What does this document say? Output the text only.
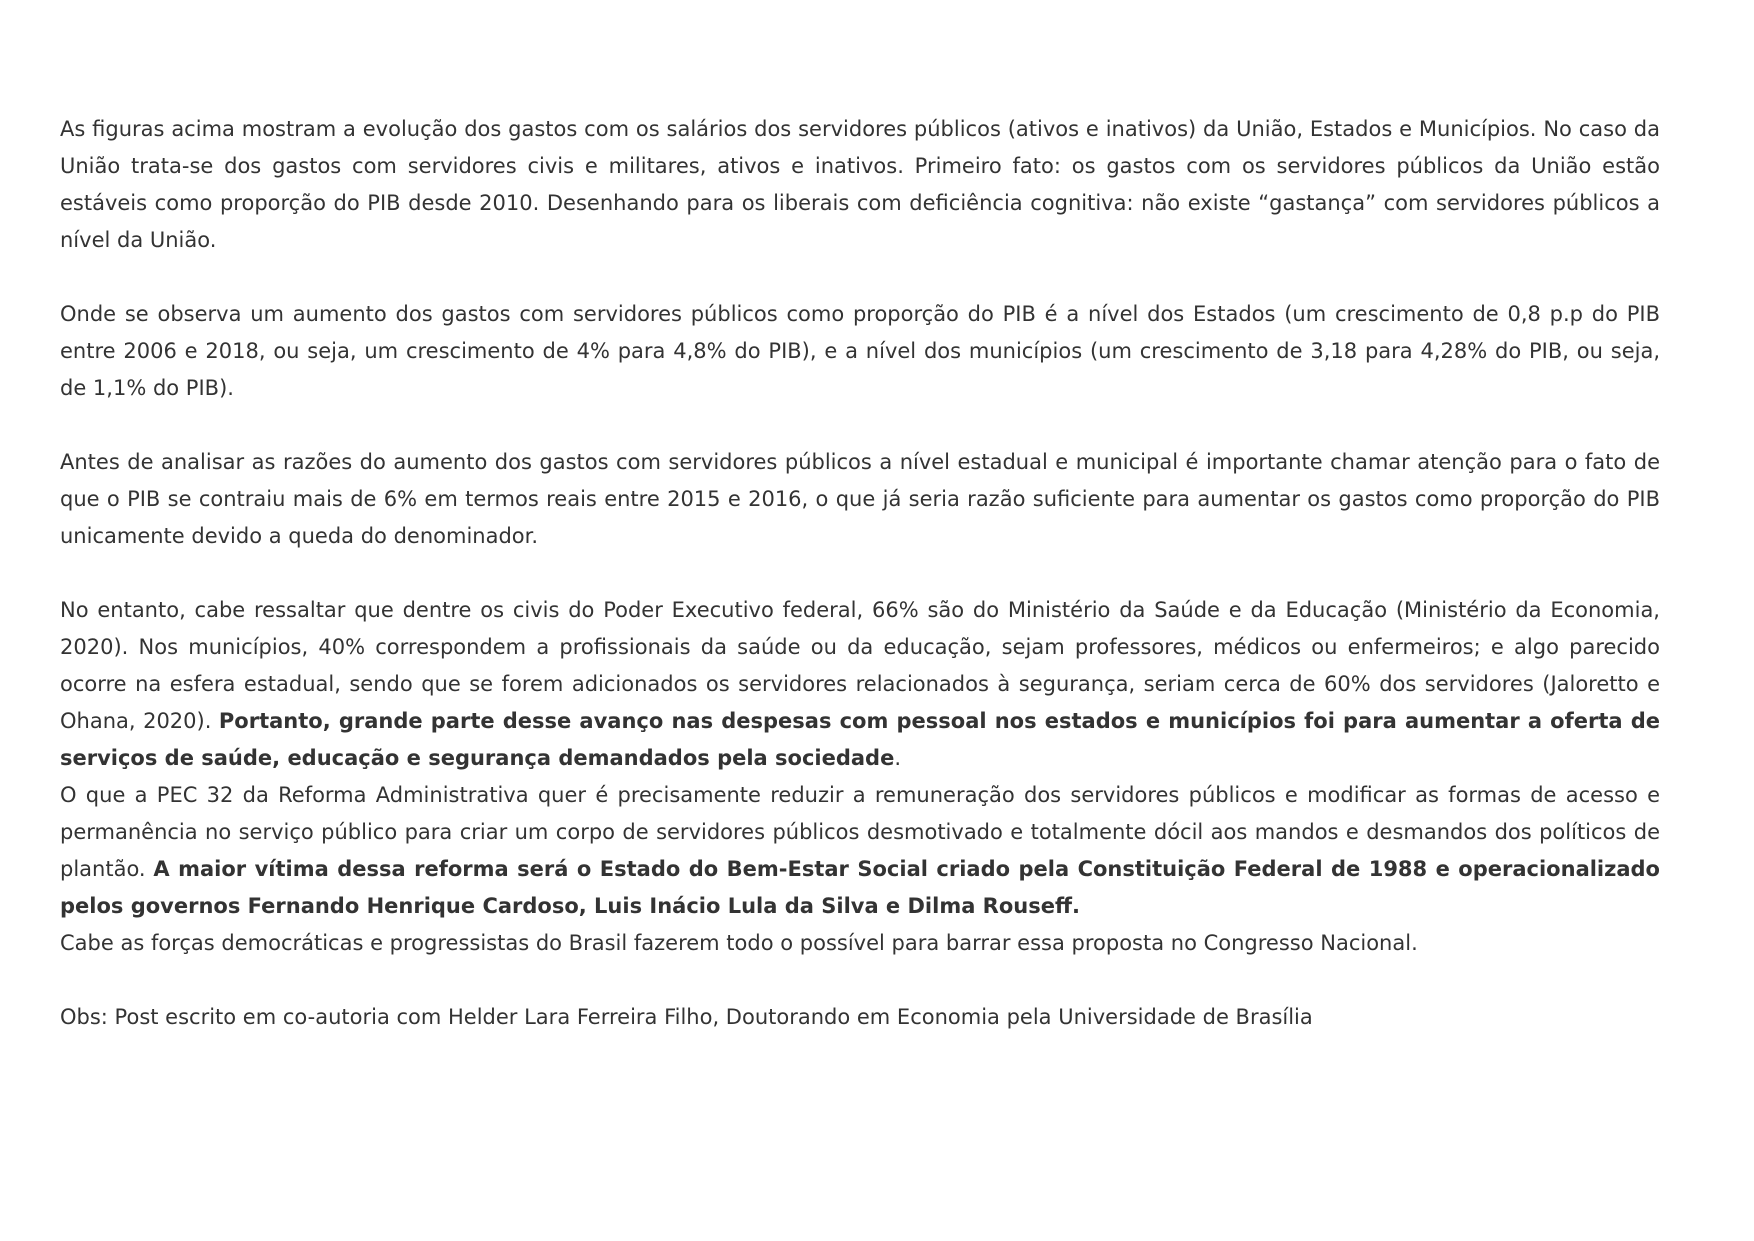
As figuras acima mostram a evolução dos gastos com os salários dos servidores públicos (ativos e inativos) da União, Estados e Municípios. No caso da União trata-se dos gastos com servidores civis e militares, ativos e inativos. Primeiro fato: os gastos com os servidores públicos da União estão estáveis como proporção do PIB desde 2010. Desenhando para os liberais com deficiência cognitiva: não existe “gastança” com servidores públicos a nível da União.

Onde se observa um aumento dos gastos com servidores públicos como proporção do PIB é a nível dos Estados (um crescimento de 0,8 p.p do PIB entre 2006 e 2018, ou seja, um crescimento de 4% para 4,8% do PIB), e a nível dos municípios (um crescimento de 3,18 para 4,28% do PIB, ou seja, de 1,1% do PIB).

Antes de analisar as razões do aumento dos gastos com servidores públicos a nível estadual e municipal é importante chamar atenção para o fato de que o PIB se contraiu mais de 6% em termos reais entre 2015 e 2016, o que já seria razão suficiente para aumentar os gastos como proporção do PIB unicamente devido a queda do denominador.

No entanto, cabe ressaltar que dentre os civis do Poder Executivo federal, 66% são do Ministério da Saúde e da Educação (Ministério da Economia, 2020). Nos municípios, 40% correspondem a profissionais da saúde ou da educação, sejam professores, médicos ou enfermeiros; e algo parecido ocorre na esfera estadual, sendo que se forem adicionados os servidores relacionados à segurança, seriam cerca de 60% dos servidores (Jaloretto e Ohana, 2020). Portanto, grande parte desse avanço nas despesas com pessoal nos estados e municípios foi para aumentar a oferta de serviços de saúde, educação e segurança demandados pela sociedade.

O que a PEC 32 da Reforma Administrativa quer é precisamente reduzir a remuneração dos servidores públicos e modificar as formas de acesso e permanência no serviço público para criar um corpo de servidores públicos desmotivado e totalmente dócil aos mandos e desmandos dos políticos de plantão. A maior vítima dessa reforma será o Estado do Bem-Estar Social criado pela Constituição Federal de 1988 e operacionalizado pelos governos Fernando Henrique Cardoso, Luis Inácio Lula da Silva e Dilma Rouseff.

Cabe as forças democráticas e progressistas do Brasil fazerem todo o possível para barrar essa proposta no Congresso Nacional.

Obs: Post escrito em co-autoria com Helder Lara Ferreira Filho, Doutorando em Economia pela Universidade de Brasília
